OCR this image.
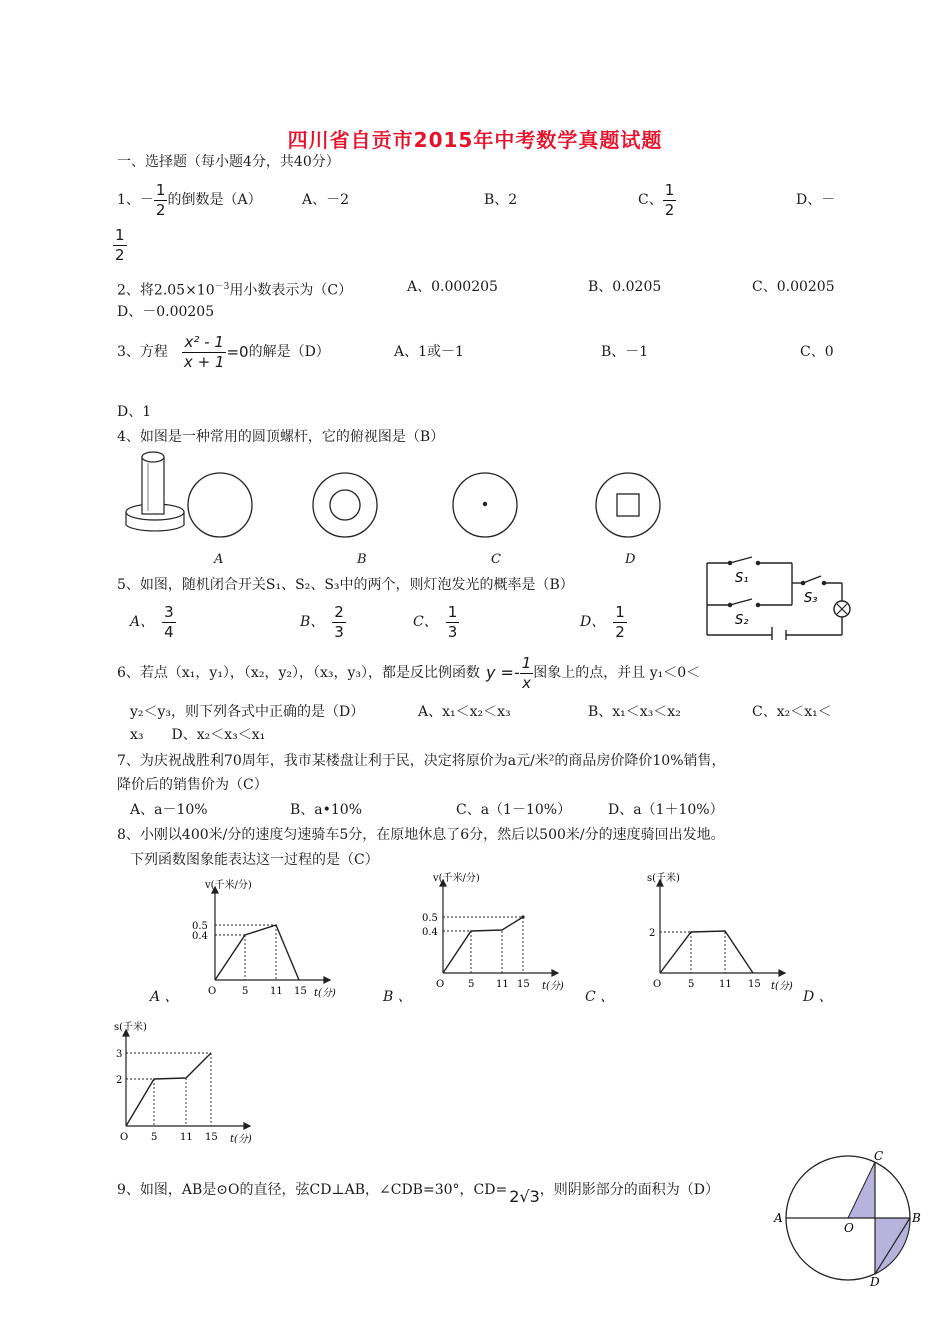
四川省自贡市2015年中考数学真题试题
一、选择题（每小题4分，共40分）
1、－ $\frac{1}{2}$ 的倒数是（A）	A、－2	B、2	C、 $\frac{1}{2}$	D、－
$\frac{1}{2}$
2、将$2.05\times 10^{-3}$用小数表示为（C）	A、0.000205	B、0.0205	C、0.00205
D、－0.00205
3、方程 $\frac{\text{x² - 1}}{x + 1} =0$ 的解是（D）	A、1或－1	B、－1	C、0
D、1
4、如图是一种常用的圆顶螺杆，它的俯视图是（B）
A	B	C	D
5、如图，随机闭合开关S₁、S₂、S₃中的两个，则灯泡发光的概率是（B）
A、 $\frac{3}{4}$	B、 $\frac{2}{3}$	C、 $\frac{1}{3}$	D、 $\frac{1}{2}$
S₁
S₂
S₃
6、若点（x₁，y₁），（x₂，y₂），（x₃，y₃），都是反比例函数 $y =- \frac{1}{x}$ 图象上的点，并且 y₁＜0＜
y₂＜y₃，则下列各式中正确的是（D）	A、x₁＜x₂＜x₃	B、x₁＜x₃＜x₂	C、x₂＜x₁＜
x₃　　D、x₂＜x₃＜x₁
7、为庆祝战胜利70周年，我市某楼盘让利于民，决定将原价为a元/米²的商品房价降价10%销售，
降价后的销售价为（C）
A、a－10%	B、a•10%	C、a（1－10%）	D、a（1＋10%）
8、小刚以400米/分的速度匀速骑车5分，在原地休息了6分，然后以500米/分的速度骑回出发地。
下列函数图象能表达这一过程的是（C）
v(千米/分)
0.5
0.4
O	5 11 15 t(分)
v(千米/分)
0.5
0.4
O 5 11 15 t(分)
s(千米)
2
O	5 11 15 t(分)
A 、	B 、	C 、	D 、
s(千米)
3
2
O 5 11 15 t(分)
9、如图，AB是⊙O的直径，弦CD⊥AB，∠CDB=30°，CD= 2√3 ，则阴影部分的面积为（D）
A	B
C
D
O
